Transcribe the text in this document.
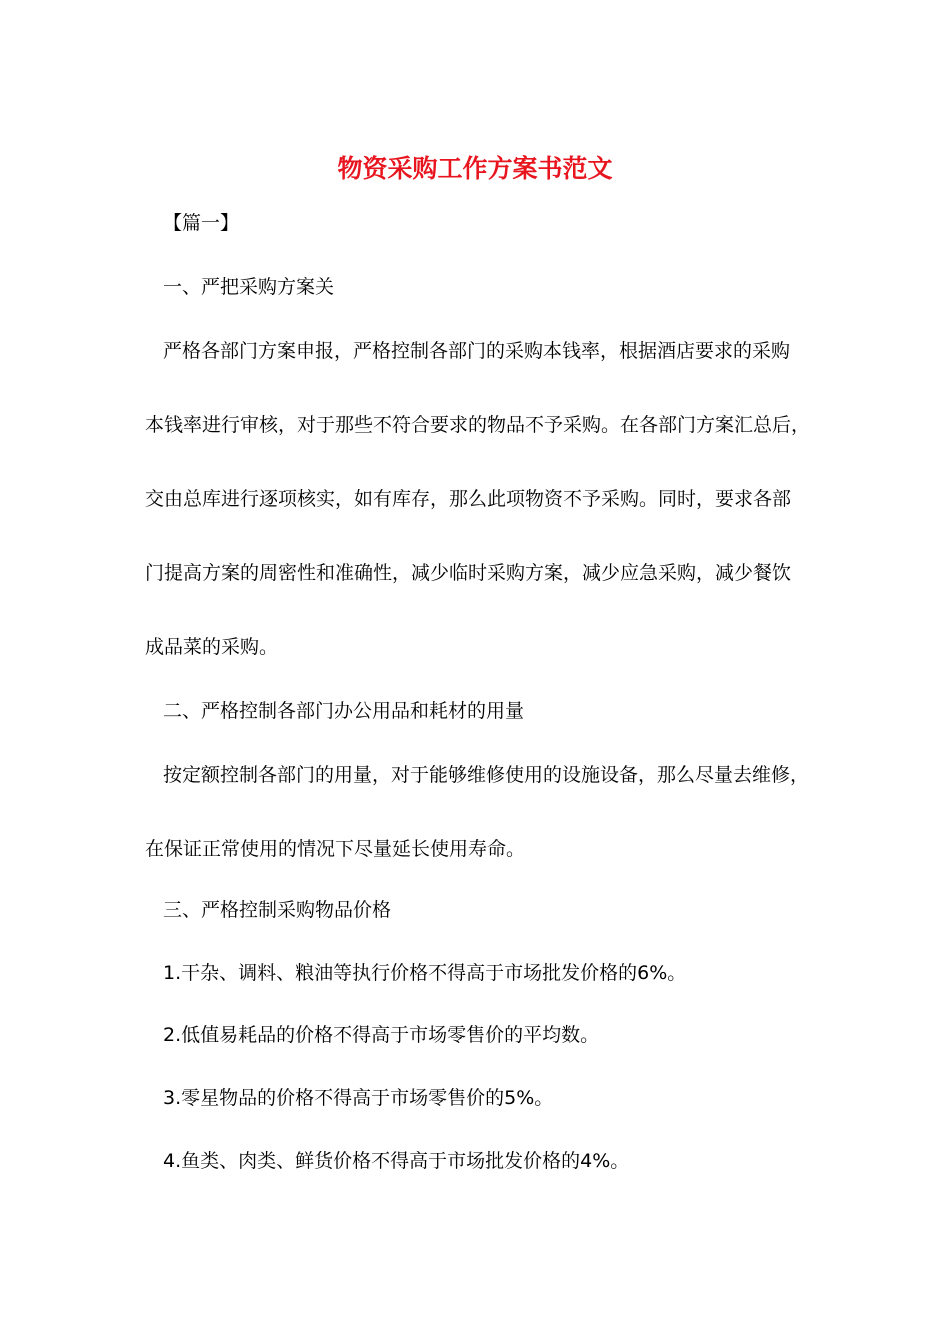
物资采购工作方案书范文

【篇一】

一、严把采购方案关

严格各部门方案申报，严格控制各部门的采购本钱率，根据酒店要求的采购

本钱率进行审核，对于那些不符合要求的物品不予采购。在各部门方案汇总后，

交由总库进行逐项核实，如有库存，那么此项物资不予采购。同时，要求各部

门提高方案的周密性和准确性，减少临时采购方案，减少应急采购，减少餐饮

成品菜的采购。

二、严格控制各部门办公用品和耗材的用量

按定额控制各部门的用量，对于能够维修使用的设施设备，那么尽量去维修，

在保证正常使用的情况下尽量延长使用寿命。

三、严格控制采购物品价格

1.干杂、调料、粮油等执行价格不得高于市场批发价格的6%。

2.低值易耗品的价格不得高于市场零售价的平均数。

3.零星物品的价格不得高于市场零售价的5%。

4.鱼类、肉类、鲜货价格不得高于市场批发价格的4%。
